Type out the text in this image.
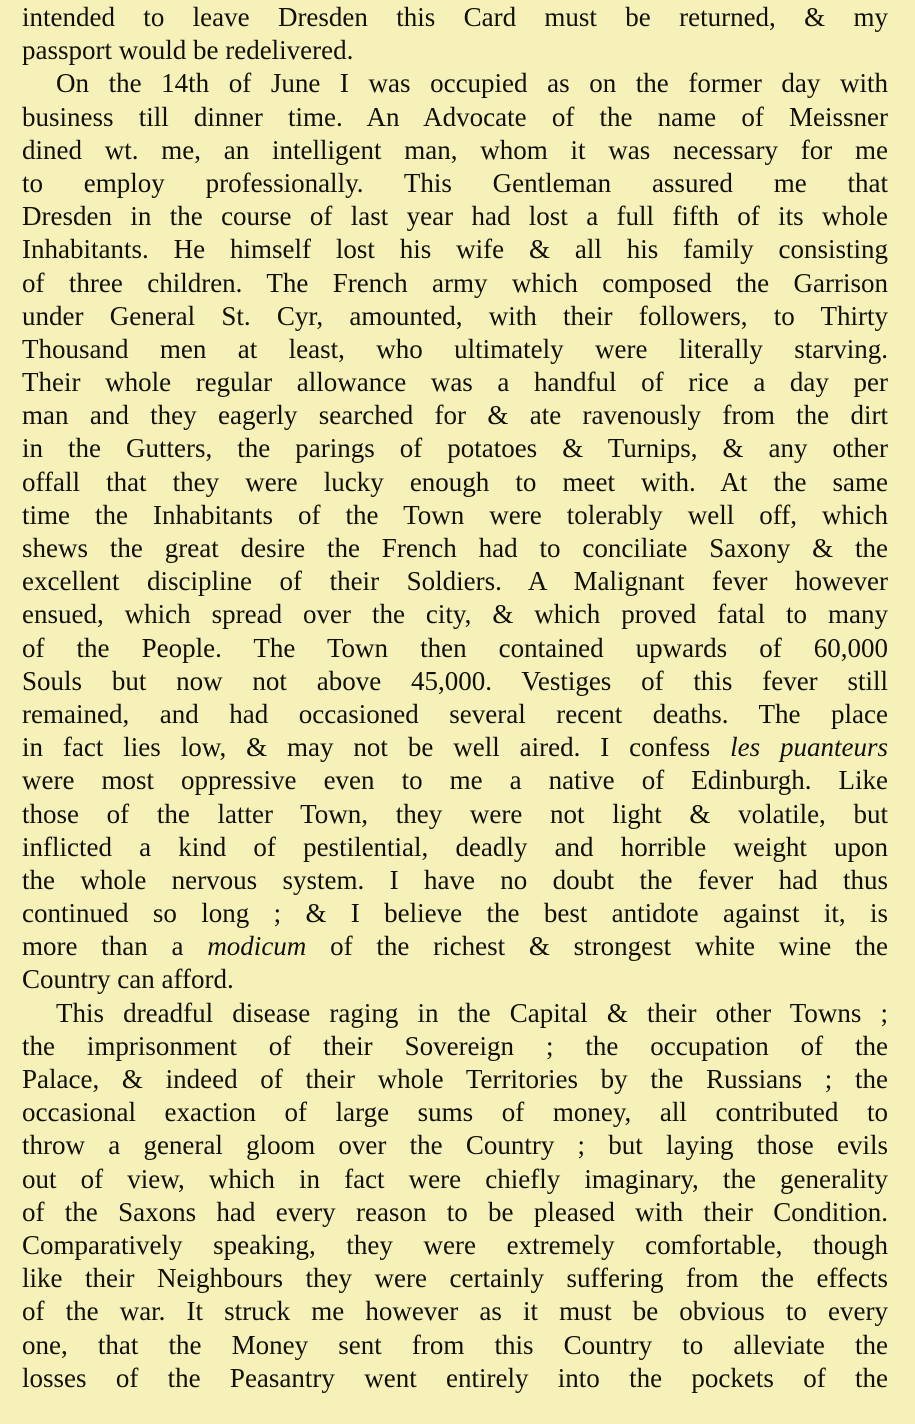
intended to leave Dresden this Card must be returned, & my
passport would be redelivered.
On the 14th of June I was occupied as on the former day with
business till dinner time. An Advocate of the name of Meissner
dined wt. me, an intelligent man, whom it was necessary for me
to employ professionally. This Gentleman assured me that
Dresden in the course of last year had lost a full fifth of its whole
Inhabitants. He himself lost his wife & all his family consisting
of three children. The French army which composed the Garrison
under General St. Cyr, amounted, with their followers, to Thirty
Thousand men at least, who ultimately were literally starving.
Their whole regular allowance was a handful of rice a day per
man and they eagerly searched for & ate ravenously from the dirt
in the Gutters, the parings of potatoes & Turnips, & any other
offall that they were lucky enough to meet with. At the same
time the Inhabitants of the Town were tolerably well off, which
shews the great desire the French had to conciliate Saxony & the
excellent discipline of their Soldiers. A Malignant fever however
ensued, which spread over the city, & which proved fatal to many
of the People. The Town then contained upwards of 60,000
Souls but now not above 45,000. Vestiges of this fever still
remained, and had occasioned several recent deaths. The place
in fact lies low, & may not be well aired. I confess les puanteurs
were most oppressive even to me a native of Edinburgh. Like
those of the latter Town, they were not light & volatile, but
inflicted a kind of pestilential, deadly and horrible weight upon
the whole nervous system. I have no doubt the fever had thus
continued so long ; & I believe the best antidote against it, is
more than a modicum of the richest & strongest white wine the
Country can afford.
This dreadful disease raging in the Capital & their other Towns ;
the imprisonment of their Sovereign ; the occupation of the
Palace, & indeed of their whole Territories by the Russians ; the
occasional exaction of large sums of money, all contributed to
throw a general gloom over the Country ; but laying those evils
out of view, which in fact were chiefly imaginary, the generality
of the Saxons had every reason to be pleased with their Condition.
Comparatively speaking, they were extremely comfortable, though
like their Neighbours they were certainly suffering from the effects
of the war. It struck me however as it must be obvious to every
one, that the Money sent from this Country to alleviate the
losses of the Peasantry went entirely into the pockets of the
